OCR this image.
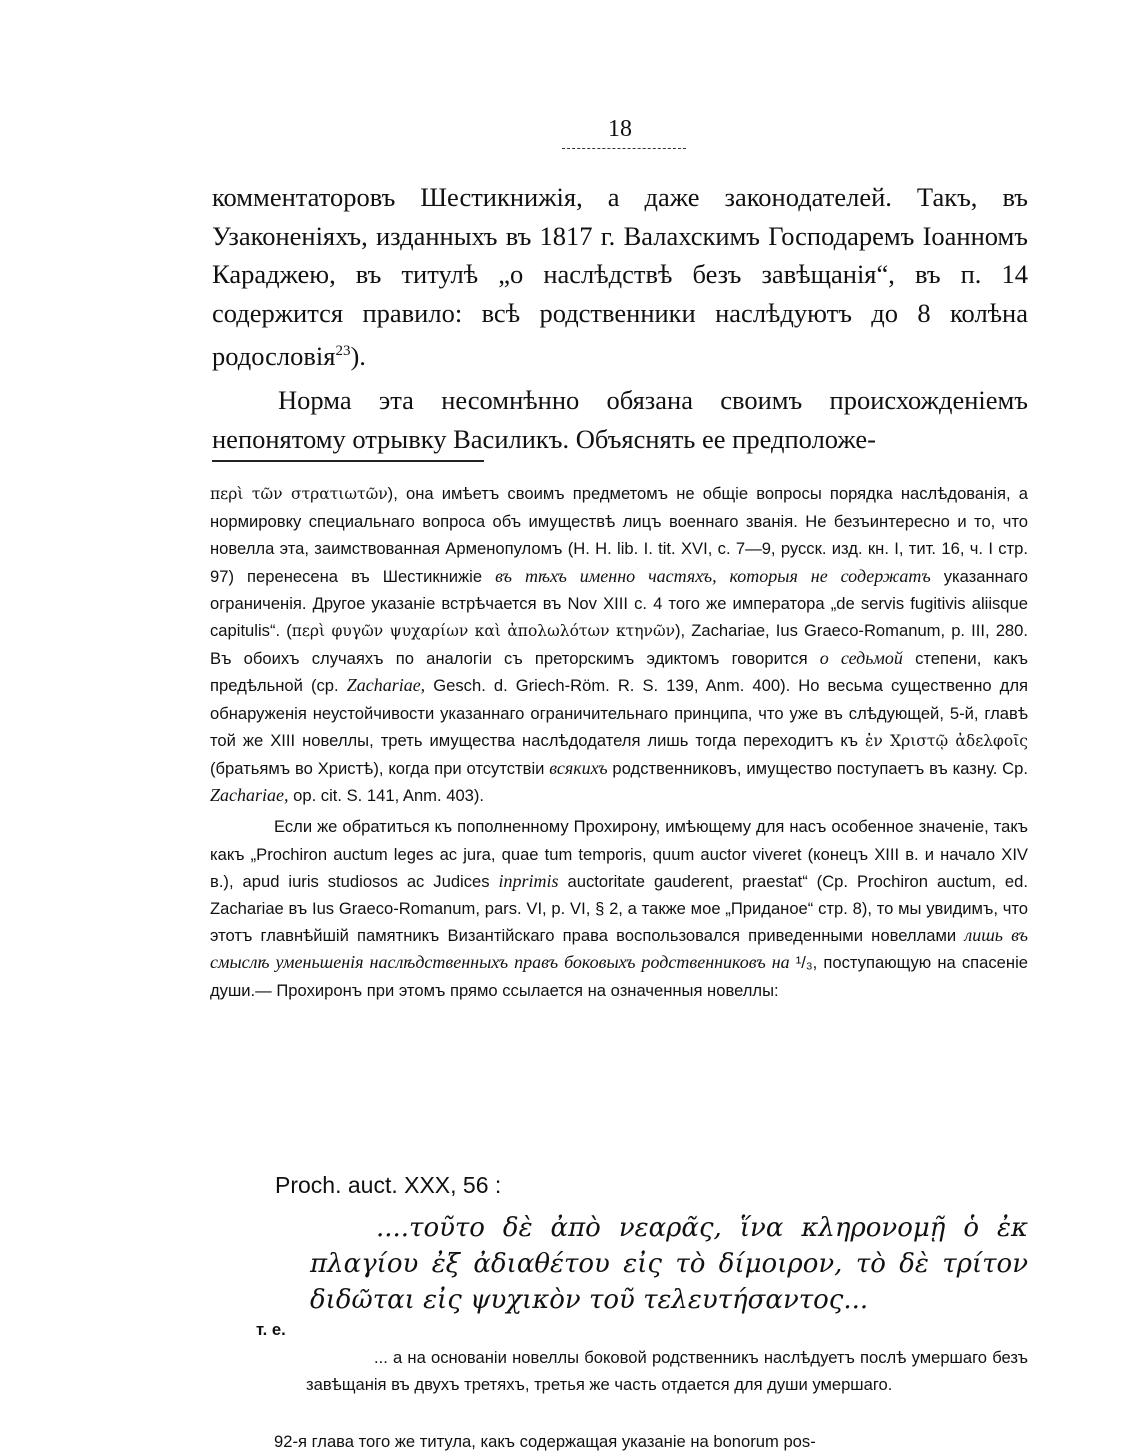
18

комментаторовъ Шестикнижiя, а даже законодателей. Такъ, въ Узаконенiяхъ, изданныхъ въ 1817 г. Валахскимъ Господаремъ Iоанномъ Караджею, въ титулѣ „о наслѣдствѣ безъ завѣщанiя“, въ п. 14 содержится правило: всѣ родственники наслѣдуютъ до 8 колѣна родословiя$^{23}$).

Норма эта несомнѣнно обязана своимъ происхожденiемъ непонятому отрывку Василикъ. Объяснять ее предположе-

περὶ τῶν στρατιωτῶν), она имѣетъ своимъ предметомъ не общiе вопросы порядка наслѣдованiя, а нормировку специальнаго вопроса объ имуществѣ лицъ военнаго званiя. Не безъинтересно и то, что новелла эта, заимствованная Арменопуломъ (H. H. lib. I. tit. XVI, c. 7—9, русск. изд. кн. I, тит. 16, ч. I стр. 97) перенесена въ Шестикнижiе въ тѣхъ именно частяхъ, которыя не содержатъ указаннаго ограниченiя. Другое указанiе встрѣчается въ Nov XIII c. 4 того же императора „de servis fugitivis aliisque capitulis“. (περὶ φυγῶν ψυχαρίων καὶ ἀπολωλότων κτηνῶν), Zachariae, Ius Graeco-Romanum, p. III, 280. Въ обоихъ случаяхъ по аналогiи съ преторскимъ эдиктомъ говорится о седьмой степени, какъ предѣльной (ср. Zachariae, Gesch. d. Griech-Röm. R. S. 139, Anm. 400). Но весьма существенно для обнаруженiя неустойчивости указаннаго ограничительнаго принципа, что уже въ слѣдующей, 5-й, главѣ той же XIII новеллы, треть имущества наслѣдодателя лишь тогда переходитъ къ ἐν Χριστῷ ἀδελφοῖς (братьямъ во Христѣ), когда при отсутствiи всякихъ родственниковъ, имущество поступаетъ въ казну. Ср. Zachariae, op. cit. S. 141, Anm. 403).

Если же обратиться къ пополненному Прохирону, имѣющему для насъ особенное значенiе, такъ какъ „Prochiron auctum leges ac jura, quae tum temporis, quum auctor viveret (конецъ XIII в. и начало XIV в.), apud iuris studiosos ac Judices inprimis auctoritate gauderent, praestat“ (Ср. Prochiron auctum, ed. Zachariae въ Ius Graeco-Romanum, pars. VI, p. VI, § 2, а также мое „Приданое“ стр. 8), то мы увидимъ, что этотъ главнѣйшiй памятникъ Византiйскаго права воспользовался приведенными новеллами лишь въ смыслѣ уменьшенiя наслѣдственныхъ правъ боковыхъ родственниковъ на ¹/₃, поступающую на спасенiе души.— Прохиронъ при этомъ прямо ссылается на означенныя новеллы:

Proch. auct. XXX, 56 :

....τοῦτο δὲ ἀπὸ νεαρᾶς, ἵνα κληρονομῇ ὁ ἐκ πλαγίου ἐξ ἀδιαθέτου εἰς τὸ δίμοιρον, τὸ δὲ τρίτον διδῶται εἰς ψυχικὸν τοῦ τελευτήσαντος...

т. е.

... а на основанiи новеллы боковой родственникъ наслѣдуетъ послѣ умершаго безъ завѣщанiя въ двухъ третяхъ, третья же часть отдается для души умершаго.

92-я глава того же титула, какъ содержащая указанiе на bonorum pos-
